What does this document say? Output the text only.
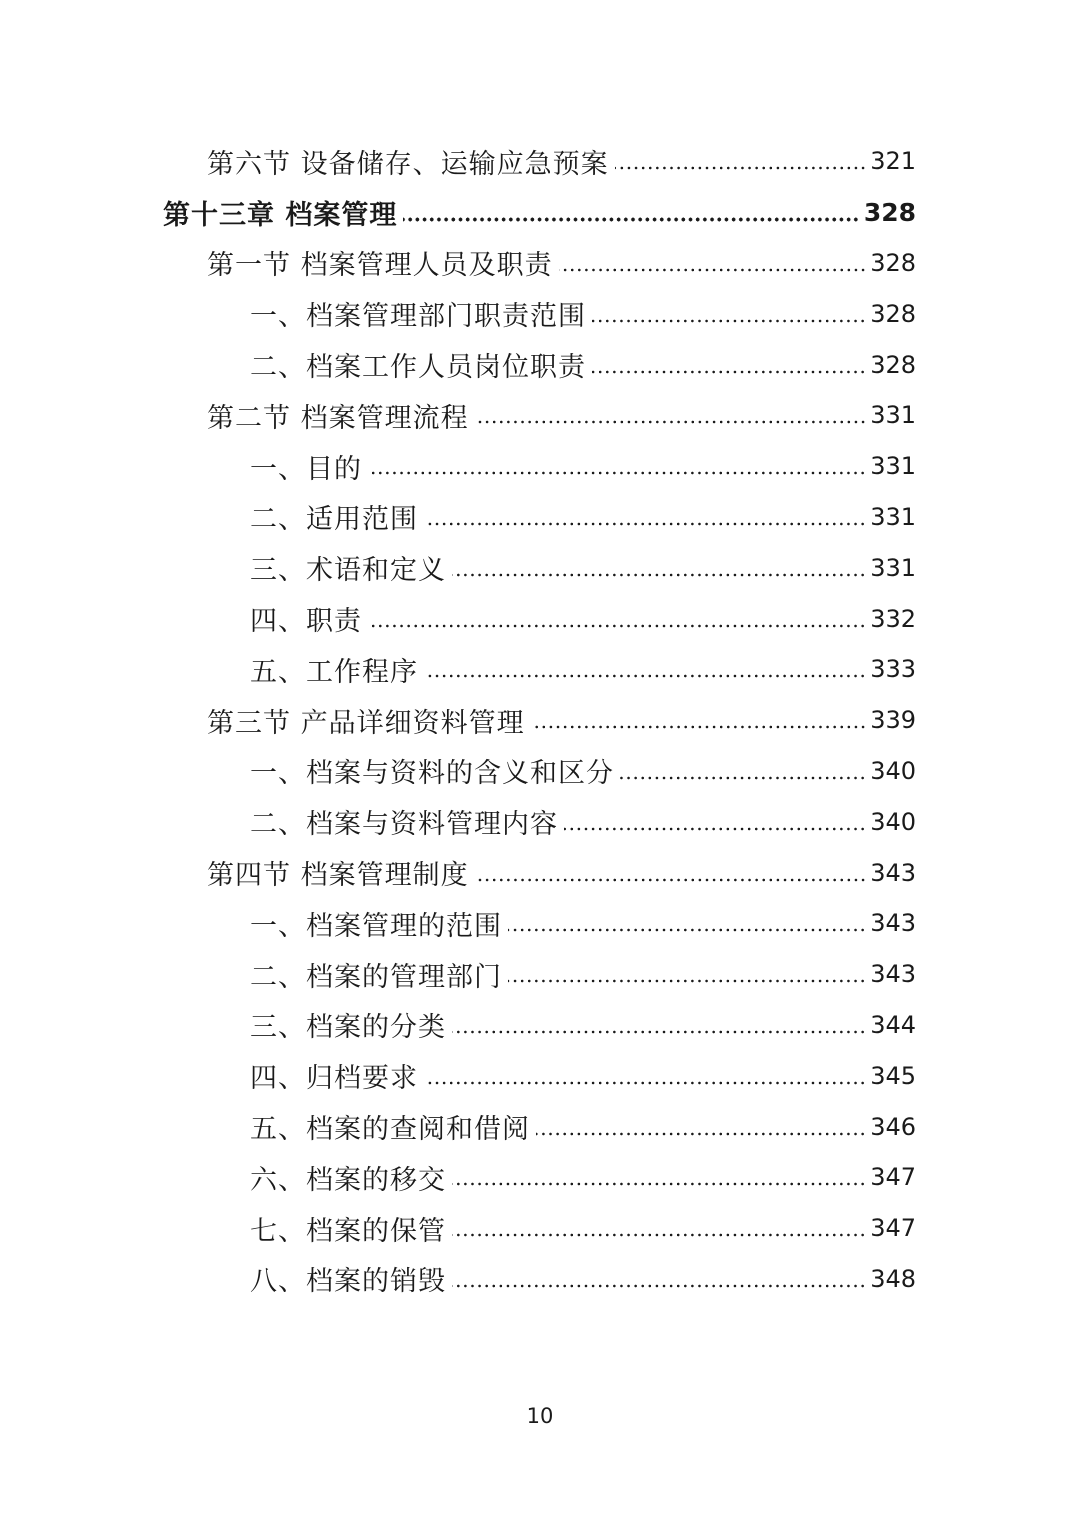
第六节 设备储存、运输应急预案	321
第十三章 档案管理	328
第一节 档案管理人员及职责	328
一、档案管理部门职责范围	328
二、档案工作人员岗位职责	328
第二节 档案管理流程	331
一、目的	331
二、适用范围	331
三、术语和定义	331
四、职责	332
五、工作程序	333
第三节 产品详细资料管理	339
一、档案与资料的含义和区分	340
二、档案与资料管理内容	340
第四节 档案管理制度	343
一、档案管理的范围	343
二、档案的管理部门	343
三、档案的分类	344
四、归档要求	345
五、档案的查阅和借阅	346
六、档案的移交	347
七、档案的保管	347
八、档案的销毁	348
10
